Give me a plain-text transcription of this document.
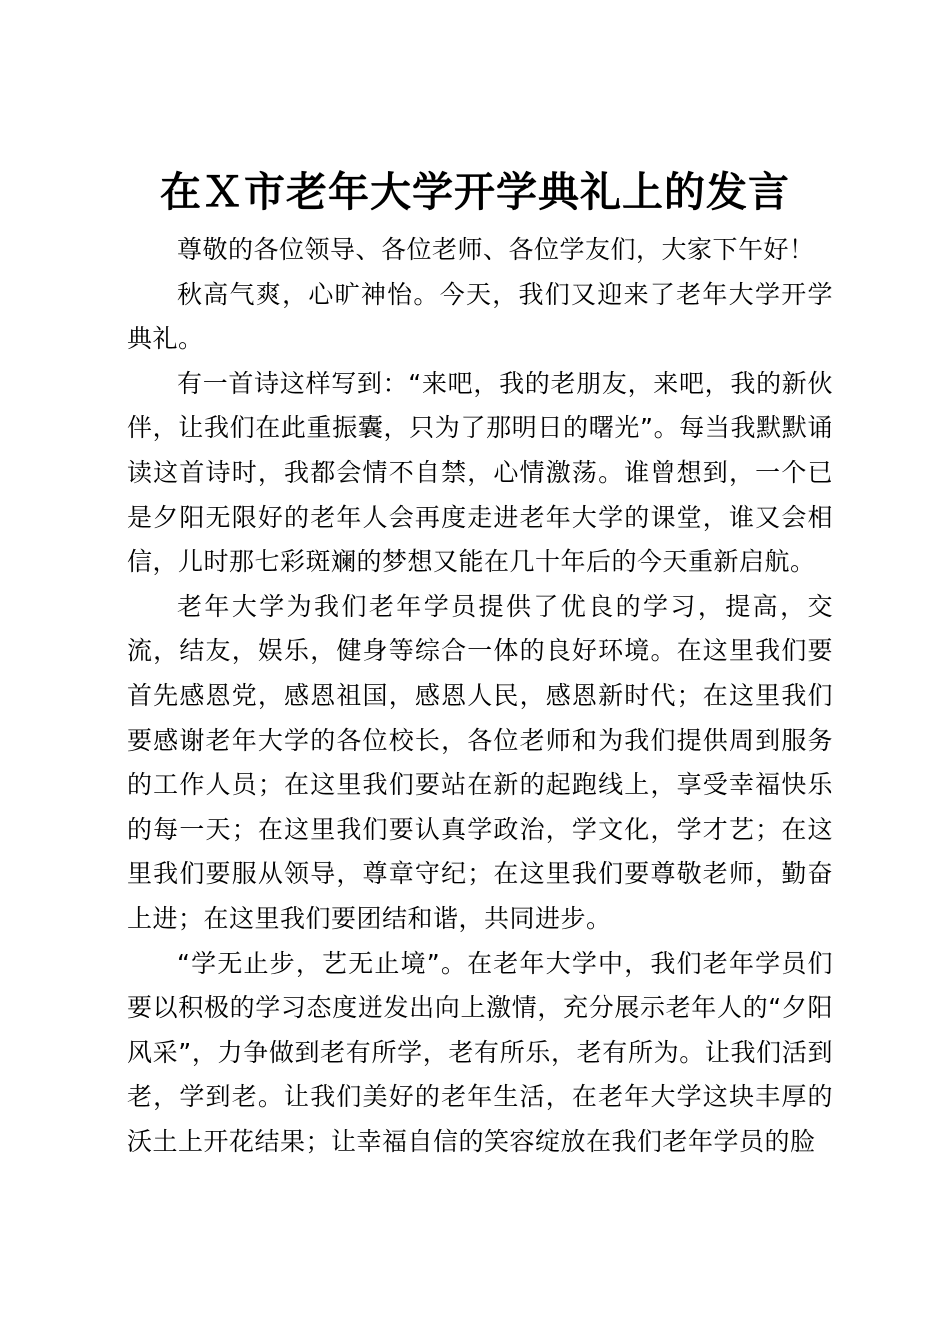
在Ｘ市老年大学开学典礼上的发言

尊敬的各位领导、各位老师、各位学友们，大家下午好！

秋高气爽，心旷神怡。今天，我们又迎来了老年大学开学典礼。

有一首诗这样写到：“来吧，我的老朋友，来吧，我的新伙伴，让我们在此重振囊，只为了那明日的曙光”。每当我默默诵读这首诗时，我都会情不自禁，心情激荡。谁曾想到，一个已是夕阳无限好的老年人会再度走进老年大学的课堂，谁又会相信，儿时那七彩斑斓的梦想又能在几十年后的今天重新启航。

老年大学为我们老年学员提供了优良的学习，提高，交流，结友，娱乐，健身等综合一体的良好环境。在这里我们要首先感恩党，感恩祖国，感恩人民，感恩新时代；在这里我们要感谢老年大学的各位校长，各位老师和为我们提供周到服务的工作人员；在这里我们要站在新的起跑线上，享受幸福快乐的每一天；在这里我们要认真学政治，学文化，学才艺；在这里我们要服从领导，尊章守纪；在这里我们要尊敬老师，勤奋上进；在这里我们要团结和谐，共同进步。

“学无止步，艺无止境”。在老年大学中，我们老年学员们要以积极的学习态度迸发出向上激情，充分展示老年人的“夕阳风采”，力争做到老有所学，老有所乐，老有所为。让我们活到老，学到老。让我们美好的老年生活，在老年大学这块丰厚的沃土上开花结果；让幸福自信的笑容绽放在我们老年学员的脸
